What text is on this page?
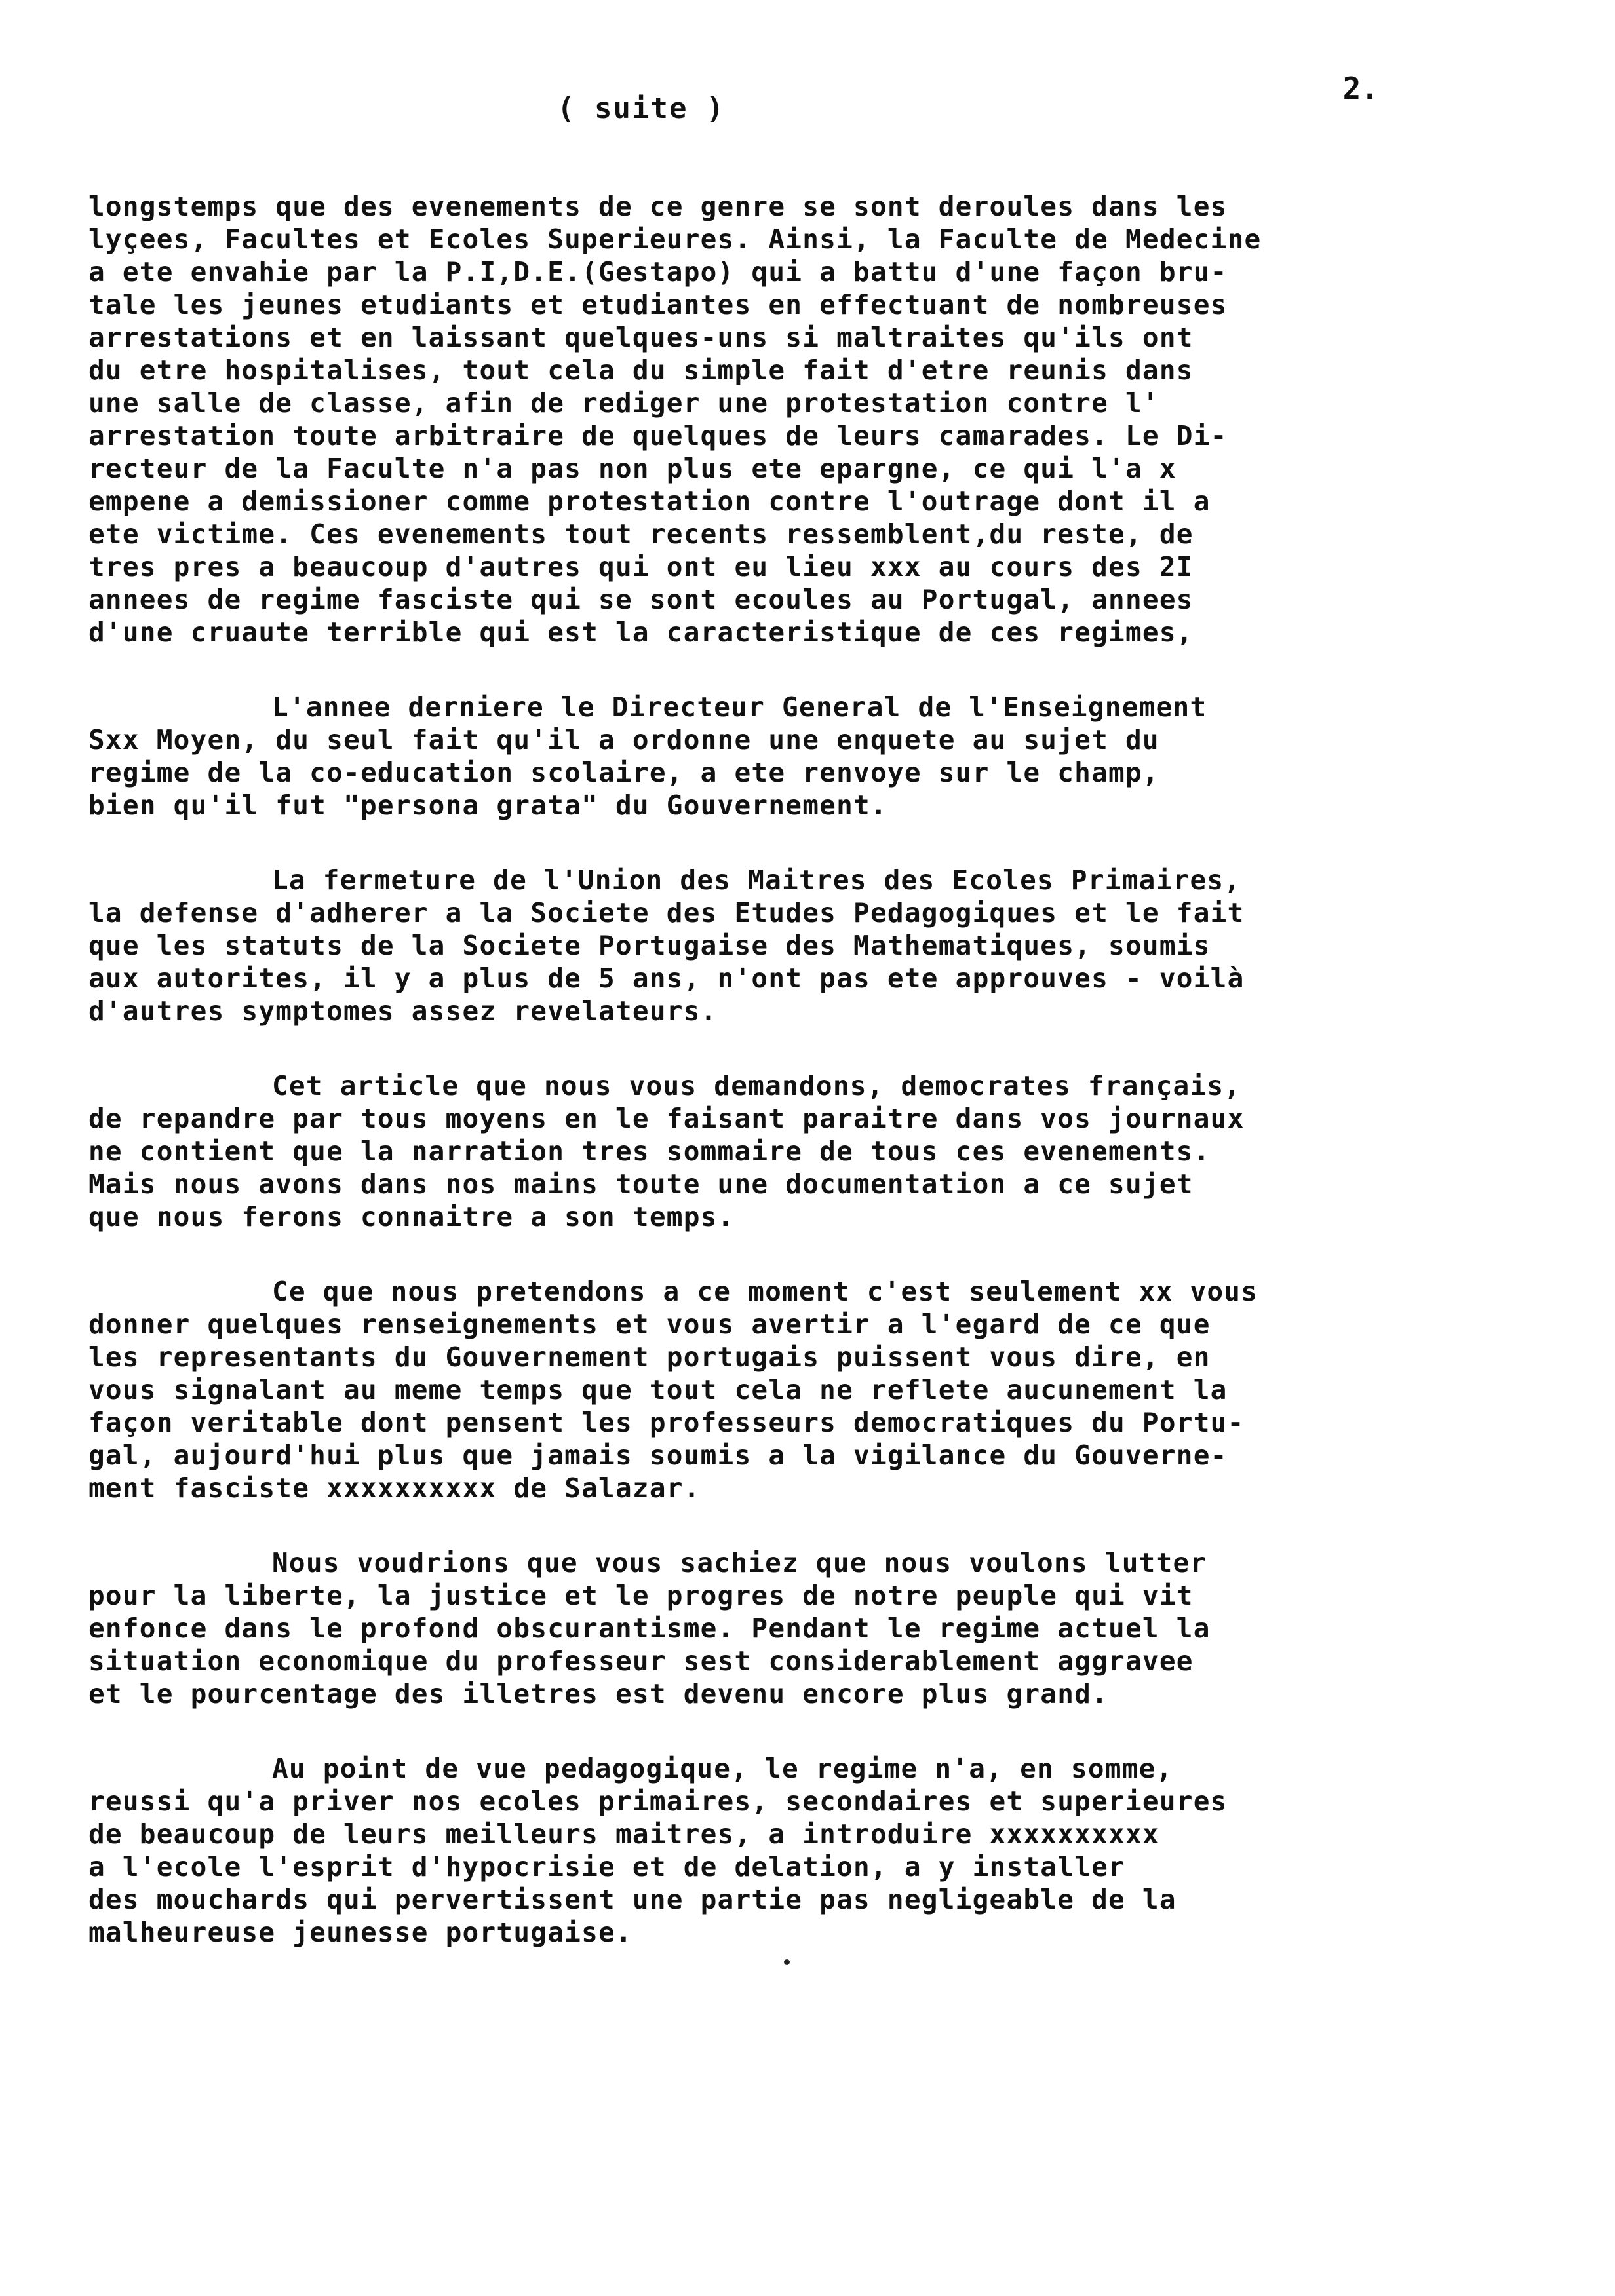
2.
( suite )
longstemps que des evenements de ce genre se sont deroules dans les
lyçees, Facultes et Ecoles Superieures. Ainsi, la Faculte de Medecine
a ete envahie par la P.I,D.E.(Gestapo) qui a battu d'une façon bru-
tale les jeunes etudiants et etudiantes en effectuant de nombreuses
arrestations et en laissant quelques-uns si maltraites qu'ils ont
du etre hospitalises, tout cela du simple fait d'etre reunis dans
une salle de classe, afin de rediger une protestation contre l'
arrestation toute arbitraire de quelques de leurs camarades. Le Di-
recteur de la Faculte n'a pas non plus ete epargne, ce qui l'a x
empene a demissioner comme protestation contre l'outrage dont il a
ete victime. Ces evenements tout recents ressemblent,du reste, de
tres pres a beaucoup d'autres qui ont eu lieu xxx au cours des 2I
annees de regime fasciste qui se sont ecoules au Portugal, annees
d'une cruaute terrible qui est la caracteristique de ces regimes,
L'annee derniere le Directeur General de l'Enseignement
Sxx Moyen, du seul fait qu'il a ordonne une enquete au sujet du
regime de la co-education scolaire, a ete renvoye sur le champ,
bien qu'il fut "persona grata" du Gouvernement.
La fermeture de l'Union des Maitres des Ecoles Primaires,
la defense d'adherer a la Societe des Etudes Pedagogiques et le fait
que les statuts de la Societe Portugaise des Mathematiques, soumis
aux autorites, il y a plus de 5 ans, n'ont pas ete approuves - voilà
d'autres symptomes assez revelateurs.
Cet article que nous vous demandons, democrates français,
de repandre par tous moyens en le faisant paraitre dans vos journaux
ne contient que la narration tres sommaire de tous ces evenements.
Mais nous avons dans nos mains toute une documentation a ce sujet
que nous ferons connaitre a son temps.
Ce que nous pretendons a ce moment c'est seulement xx vous
donner quelques renseignements et vous avertir a l'egard de ce que
les representants du Gouvernement portugais puissent vous dire, en
vous signalant au meme temps que tout cela ne reflete aucunement la
façon veritable dont pensent les professeurs democratiques du Portu-
gal, aujourd'hui plus que jamais soumis a la vigilance du Gouverne-
ment fasciste xxxxxxxxxx de Salazar.
Nous voudrions que vous sachiez que nous voulons lutter
pour la liberte, la justice et le progres de notre peuple qui vit
enfonce dans le profond obscurantisme. Pendant le regime actuel la
situation economique du professeur sest considerablement aggravee
et le pourcentage des illetres est devenu encore plus grand.
Au point de vue pedagogique, le regime n'a, en somme,
reussi qu'a priver nos ecoles primaires, secondaires et superieures
de beaucoup de leurs meilleurs maitres, a introduire xxxxxxxxxx
a l'ecole l'esprit d'hypocrisie et de delation, a y installer
des mouchards qui pervertissent une partie pas negligeable de la
malheureuse jeunesse portugaise.
